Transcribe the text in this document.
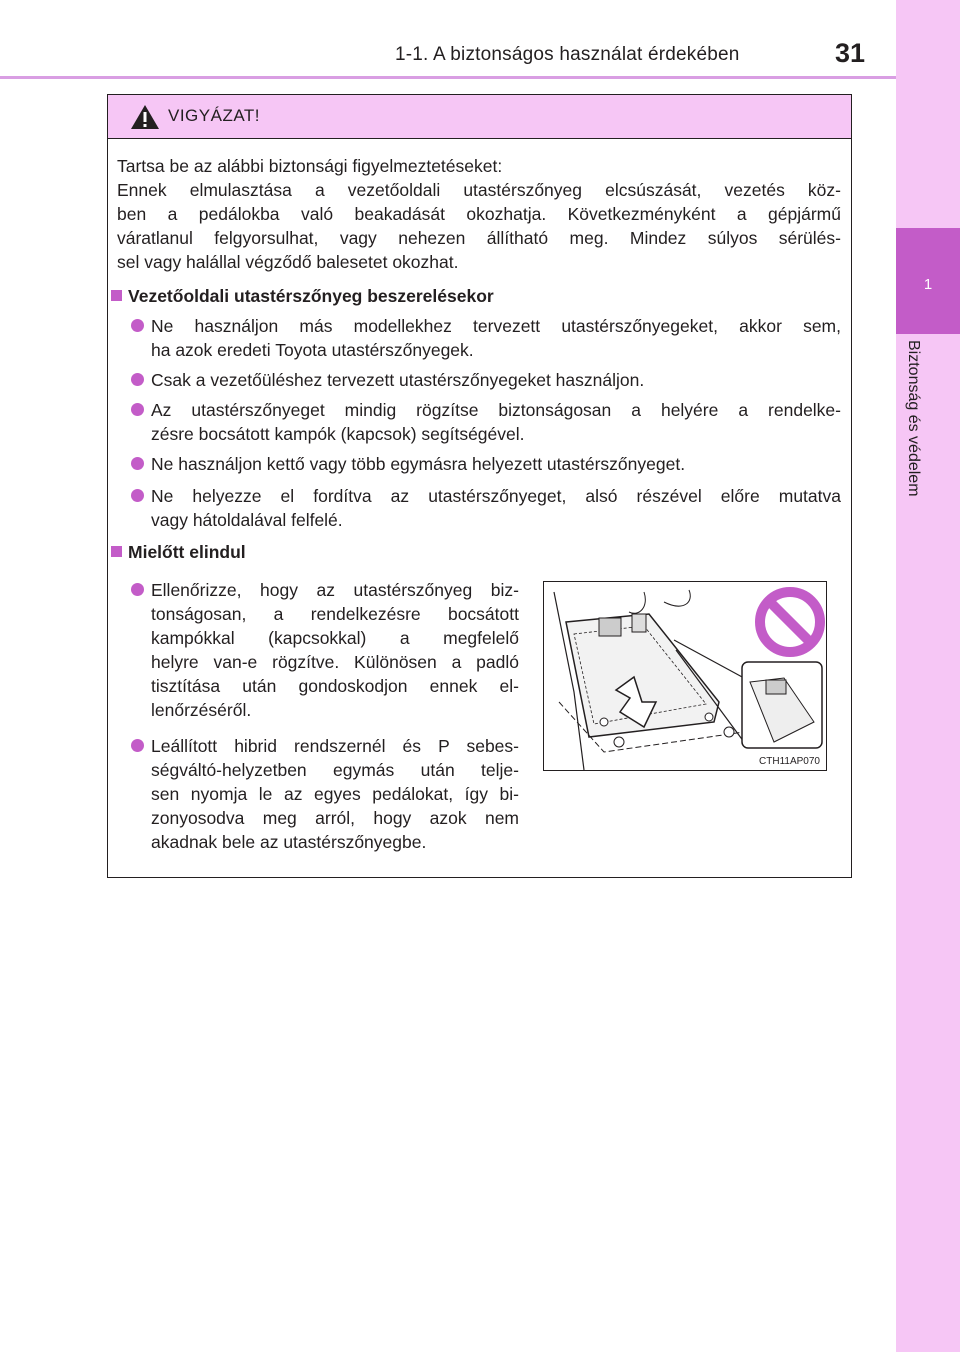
1-1. A biztonságos használat érdekében	31
1
Biztonság és védelem
VIGYÁZAT!
Tartsa be az alábbi biztonsági figyelmeztetéseket:
Ennek elmulasztása a vezetőoldali utastérszőnyeg elcsúszását, vezetés köz-
ben a pedálokba való beakadását okozhatja. Következményként a gépjármű
váratlanul felgyorsulhat, vagy nehezen állítható meg. Mindez súlyos sérülés-
sel vagy halállal végződő balesetet okozhat.
Vezetőoldali utastérszőnyeg beszerelésekor
Ne használjon más modellekhez tervezett utastérszőnyegeket, akkor sem,
ha azok eredeti Toyota utastérszőnyegek.
Csak a vezetőüléshez tervezett utastérszőnyegeket használjon.
Az utastérszőnyeget mindig rögzítse biztonságosan a helyére a rendelke-
zésre bocsátott kampók (kapcsok) segítségével.
Ne használjon kettő vagy több egymásra helyezett utastérszőnyeget.
Ne helyezze el fordítva az utastérszőnyeget, alsó részével előre mutatva
vagy hátoldalával felfelé.
Mielőtt elindul
Ellenőrizze, hogy az utastérszőnyeg biz-
tonságosan, a rendelkezésre bocsátott
kampókkal (kapcsokkal) a megfelelő
helyre van-e rögzítve. Különösen a padló
tisztítása után gondoskodjon ennek el-
lenőrzéséről.
Leállított hibrid rendszernél és P sebes-
ségváltó-helyzetben egymás után telje-
sen nyomja le az egyes pedálokat, így bi-
zonyosodva meg arról, hogy azok nem
akadnak bele az utastérszőnyegbe.
CTH11AP070
